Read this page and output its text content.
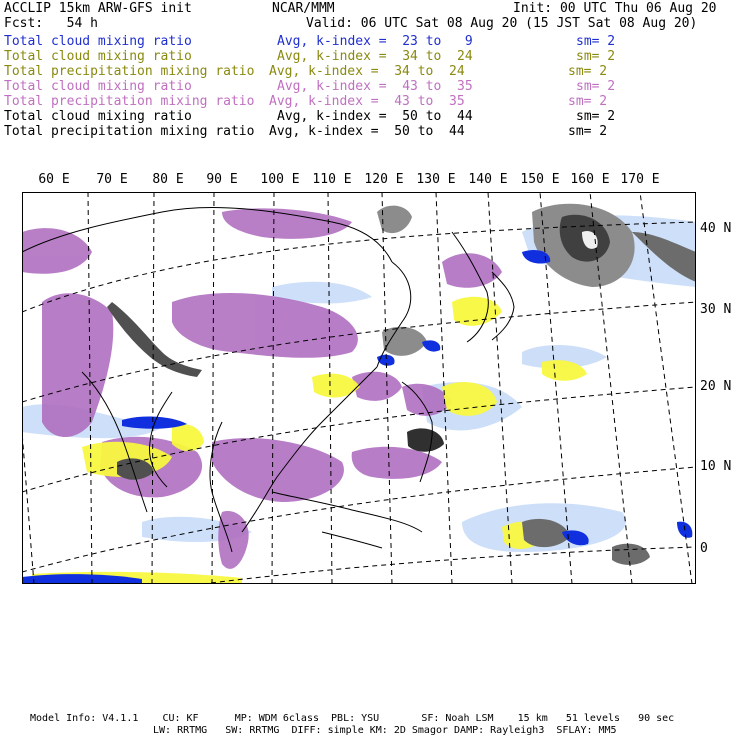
ACCLIP 15km ARW-GFS init	NCAR/MMM	Init: 00 UTC Thu 06 Aug 20
Fcst:   54 h	Valid: 06 UTC Sat 08 Aug 20 (15 JST Sat 08 Aug 20)
Total cloud mixing ratio	Avg, k-index =  23 to   9	sm= 2
Total cloud mixing ratio	Avg, k-index =  34 to  24	sm= 2
Total precipitation mixing ratio Avg, k-index =  34 to  24	sm= 2
Total cloud mixing ratio	Avg, k-index =  43 to  35	sm= 2
Total precipitation mixing ratio Avg, k-index =  43 to  35	sm= 2
Total cloud mixing ratio	Avg, k-index =  50 to  44	sm= 2
Total precipitation mixing ratio Avg, k-index =  50 to  44	sm= 2
60 E 70 E 80 E 90 E 100 E 110 E 120 E 130 E 140 E 150 E 160 E 170 E
40 N
30 N
20 N
10 N
0
Model Info: V4.1.1    CU: KF      MP: WDM 6class  PBL: YSU       SF: Noah LSM    15 km   51 levels   90 sec
LW: RRTMG   SW: RRTMG  DIFF: simple KM: 2D Smagor DAMP: Rayleigh3  SFLAY: MM5
